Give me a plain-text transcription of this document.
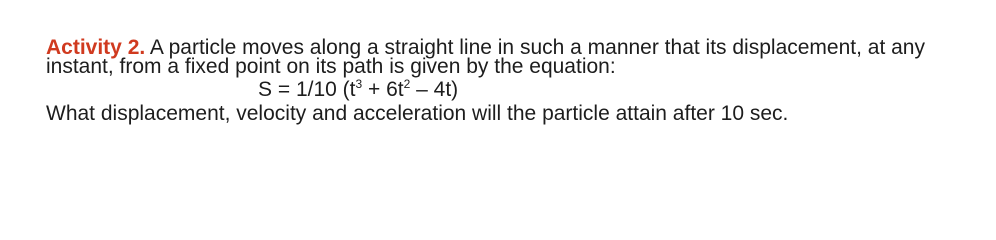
Activity 2. A particle moves along a straight line in such a manner that its displacement, at any instant, from a fixed point on its path is given by the equation:

S = 1/10 $(t^3 + 6t^2 - 4t)$

What displacement, velocity and acceleration will the particle attain after 10 sec.
